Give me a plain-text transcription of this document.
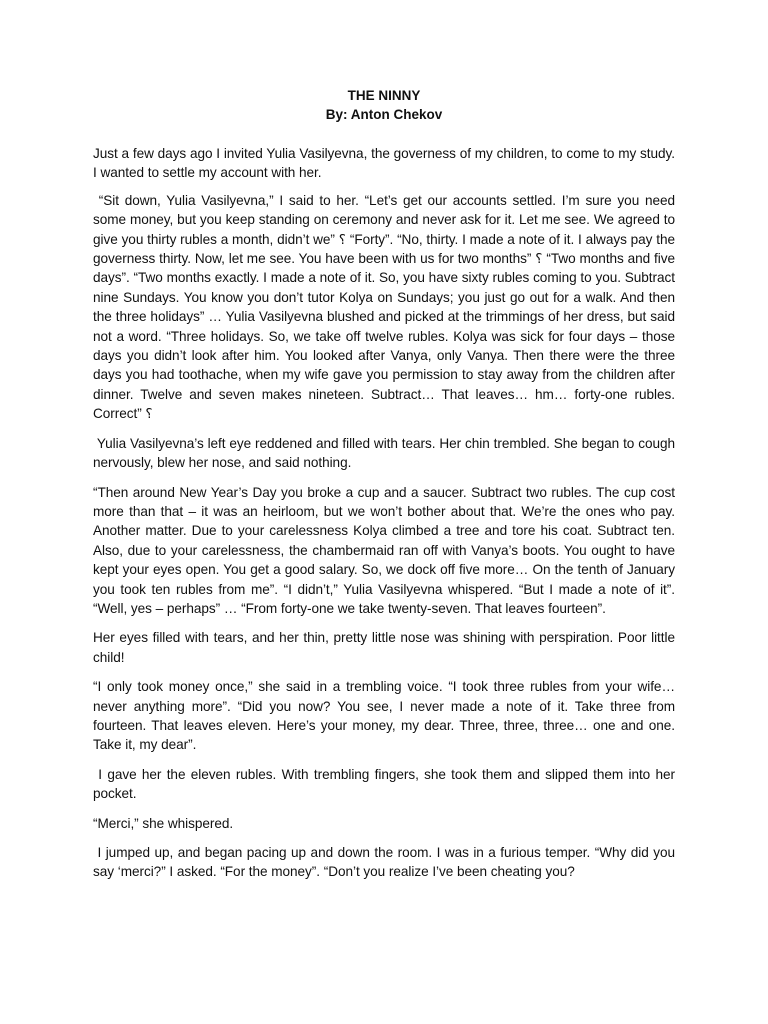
THE NINNY
By: Anton Chekov

Just a few days ago I invited Yulia Vasilyevna, the governess of my children, to come to my study. I wanted to settle my account with her.

“Sit down, Yulia Vasilyevna,” I said to her. “Let’s get our accounts settled. I’m sure you need some money, but you keep standing on ceremony and never ask for it. Let me see. We agreed to give you thirty rubles a month, didn’t we” ؟ “Forty”. “No, thirty. I made a note of it. I always pay the governess thirty. Now, let me see. You have been with us for two months” ؟ “Two months and five days”. “Two months exactly. I made a note of it. So, you have sixty rubles coming to you. Subtract nine Sundays. You know you don’t tutor Kolya on Sundays; you just go out for a walk. And then the three holidays” … Yulia Vasilyevna blushed and picked at the trimmings of her dress, but said not a word. “Three holidays. So, we take off twelve rubles. Kolya was sick for four days – those days you didn’t look after him. You looked after Vanya, only Vanya. Then there were the three days you had toothache, when my wife gave you permission to stay away from the children after dinner. Twelve and seven makes nineteen. Subtract… That leaves… hm… forty-one rubles. Correct” ؟

Yulia Vasilyevna’s left eye reddened and filled with tears. Her chin trembled. She began to cough nervously, blew her nose, and said nothing.

“Then around New Year’s Day you broke a cup and a saucer. Subtract two rubles. The cup cost more than that – it was an heirloom, but we won’t bother about that. We’re the ones who pay. Another matter. Due to your carelessness Kolya climbed a tree and tore his coat. Subtract ten. Also, due to your carelessness, the chambermaid ran off with Vanya’s boots. You ought to have kept your eyes open. You get a good salary. So, we dock off five more… On the tenth of January you took ten rubles from me”. “I didn’t,” Yulia Vasilyevna whispered. “But I made a note of it”. “Well, yes – perhaps” … “From forty-one we take twenty-seven. That leaves fourteen”.

Her eyes filled with tears, and her thin, pretty little nose was shining with perspiration. Poor little child!

“I only took money once,” she said in a trembling voice. “I took three rubles from your wife… never anything more”. “Did you now? You see, I never made a note of it. Take three from fourteen. That leaves eleven. Here’s your money, my dear. Three, three, three… one and one. Take it, my dear”.

I gave her the eleven rubles. With trembling fingers, she took them and slipped them into her pocket.

“Merci,” she whispered.

I jumped up, and began pacing up and down the room. I was in a furious temper. “Why did you say ‘merci?” I asked. “For the money”. “Don’t you realize I’ve been cheating you?
